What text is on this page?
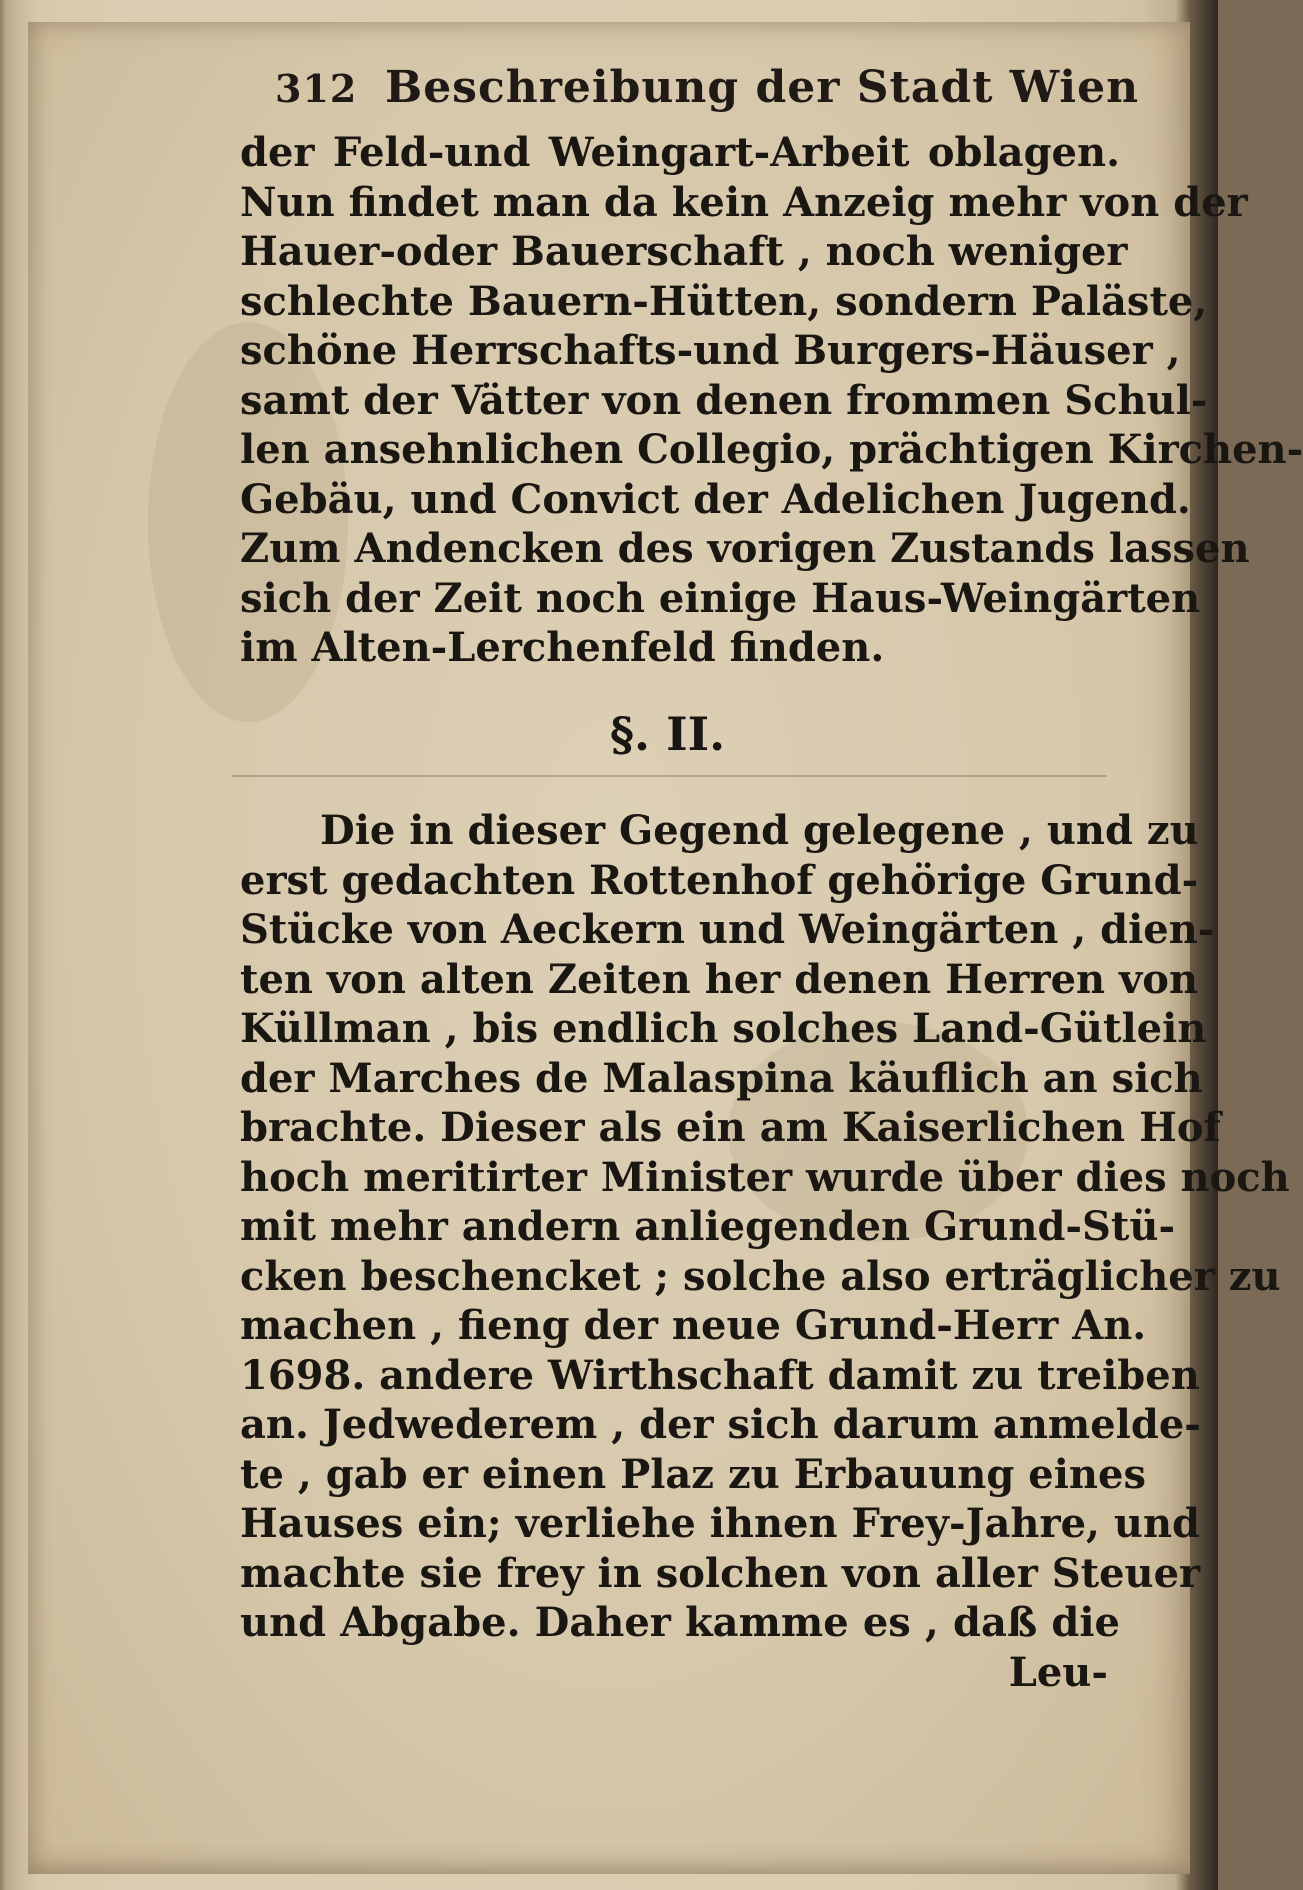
312 Beschreibung der Stadt Wien
der Feld-und Weingart-Arbeit oblagen.
Nun findet man da kein Anzeig mehr von der
Hauer-oder Bauerschaft , noch weniger
schlechte Bauern-Hütten, sondern Paläste,
schöne Herrschafts-und Burgers-Häuser ,
samt der Vätter von denen frommen Schul-
len ansehnlichen Collegio, prächtigen Kirchen-
Gebäu, und Convict der Adelichen Jugend.
Zum Andencken des vorigen Zustands lassen
sich der Zeit noch einige Haus-Weingärten
im Alten-Lerchenfeld finden.
§. II.
Die in dieser Gegend gelegene , und zu
erst gedachten Rottenhof gehörige Grund-
Stücke von Aeckern und Weingärten , dien-
ten von alten Zeiten her denen Herren von
Küllman , bis endlich solches Land-Gütlein
der Marches de Malaspina käuflich an sich
brachte. Dieser als ein am Kaiserlichen Hof
hoch meritirter Minister wurde über dies noch
mit mehr andern anliegenden Grund-Stü-
cken beschencket ; solche also erträglicher zu
machen , fieng der neue Grund-Herr An.
1698. andere Wirthschaft damit zu treiben
an. Jedwederem , der sich darum anmelde-
te , gab er einen Plaz zu Erbauung eines
Hauses ein; verliehe ihnen Frey-Jahre, und
machte sie frey in solchen von aller Steuer
und Abgabe. Daher kamme es , daß die
Leu-
